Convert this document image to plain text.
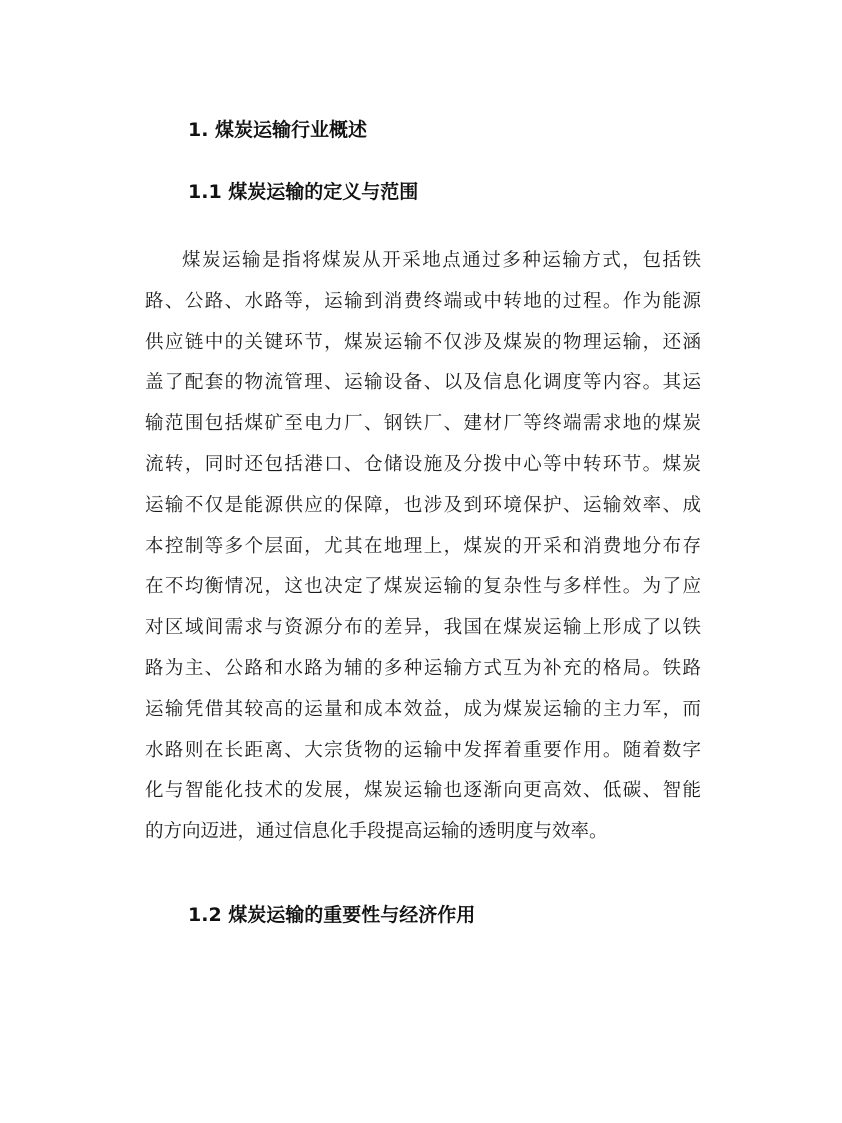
1. 煤炭运输行业概述
1.1 煤炭运输的定义与范围
煤炭运输是指将煤炭从开采地点通过多种运输方式，包括铁
路、公路、水路等，运输到消费终端或中转地的过程。作为能源
供应链中的关键环节，煤炭运输不仅涉及煤炭的物理运输，还涵
盖了配套的物流管理、运输设备、以及信息化调度等内容。其运
输范围包括煤矿至电力厂、钢铁厂、建材厂等终端需求地的煤炭
流转，同时还包括港口、仓储设施及分拨中心等中转环节。煤炭
运输不仅是能源供应的保障，也涉及到环境保护、运输效率、成
本控制等多个层面，尤其在地理上，煤炭的开采和消费地分布存
在不均衡情况，这也决定了煤炭运输的复杂性与多样性。为了应
对区域间需求与资源分布的差异，我国在煤炭运输上形成了以铁
路为主、公路和水路为辅的多种运输方式互为补充的格局。铁路
运输凭借其较高的运量和成本效益，成为煤炭运输的主力军，而
水路则在长距离、大宗货物的运输中发挥着重要作用。随着数字
化与智能化技术的发展，煤炭运输也逐渐向更高效、低碳、智能
的方向迈进，通过信息化手段提高运输的透明度与效率。
1.2 煤炭运输的重要性与经济作用
